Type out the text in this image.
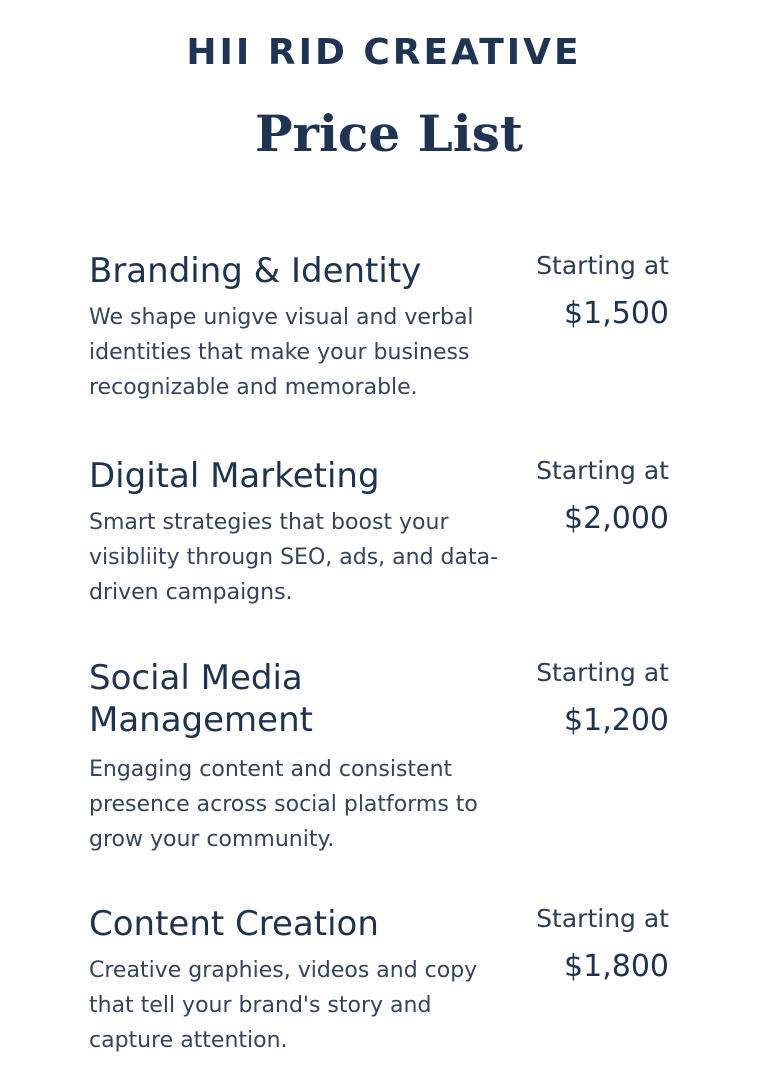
HII RID CREATIVE
Price List
Branding & Identity
We shape unigve visual and verbal identities that make your business recognizable and memorable.
Starting at
$1,500
Digital Marketing
Smart strategies that boost your visibliity througn SEO, ads, and data-driven campaigns.
Starting at
$2,000
Social Media Management
Engaging content and consistent presence across social platforms to grow your community.
Starting at
$1,200
Content Creation
Creative graphies, videos and copy that tell your brand's story and capture attention.
Starting at
$1,800
